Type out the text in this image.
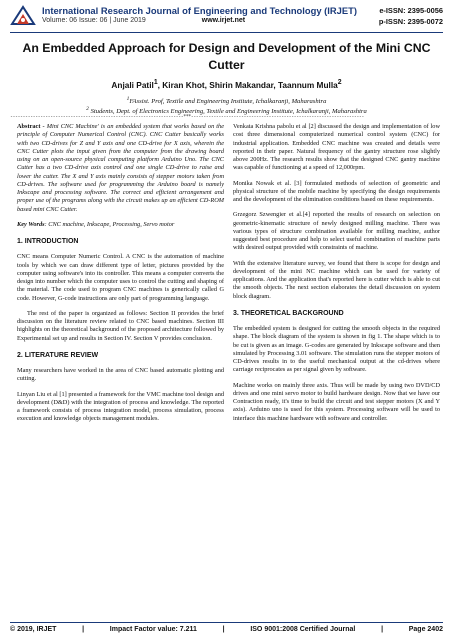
International Research Journal of Engineering and Technology (IRJET)
Volume: 06 Issue: 06 | June 2019	www.irjet.net
e-ISSN: 2395-0056
p-ISSN: 2395-0072
An Embedded Approach for Design and Development of the Mini CNC Cutter
Anjali Patil$^1$, Kiran Khot, Shirin Makandar, Taannum Mulla$^2$
$^1$FAssist. Prof, Textile and Engineering Institute, Ichalkaranji, Maharashtra
$^2$ Students, Dept. of Electronics Engineering, Textile and Engineering Institute, Ichalkaranji, Maharashtra
---------------------------------------------------------------------***---------------------------------------------------------------------

Abstract - Mini CNC Machine' is an embedded system that works based on the principle of Computer Numerical Control (CNC). CNC Cutter basically works with two CD-drives for Z and Y axis and one CD-drive for X axis, wherein the CNC Cutter plots the input given from the computer from the drawing board using on an open-source physical computing platform Arduino Uno. The CNC Cutter has a two CD-drive axis control and one single CD-drive to raise and lower the cutter. The X and Y axis mainly consists of stepper motors taken from CD-drives. The software used for programming the Arduino board is namely Inkscape and processing software. The correct and efficient arrangement and proper use of the programs along with the circuit makes up an efficient CD-ROM based mini CNC Cutter.

Key Words: CNC machine, Inkscape, Processing, Servo motor

1. INTRODUCTION

CNC means Computer Numeric Control. A CNC is the automation of machine tools by which we can draw different type of letter, pictures provided by the computer using software's into its controller. This means a computer converts the design into number which the computer uses to control the cutting and shaping of the material. The code used to program CNC machines is generically called G code. However, G-code instructions are only part of programming language.

The rest of the paper is organized as follows: Section II provides the brief discussion on the literature review related to CNC based machines. Section III highlights on the theoretical background of the proposed architecture followed by Experimental set up and results in Section IV. Section V provides conclusion.

2. LITERATURE REVIEW

Many researchers have worked in the area of CNC based automatic plotting and cutting.

Linyan Liu et al [1] presented a framework for the VMC machine tool design and development (D&D) with the integration of process and knowledge. The reported a framework consists of process integration model, process simulation, process execution and knowledge objects management modules.

Venkata Krishna pabolu et al [2] discussed the design and implementation of low cost three dimensional computerized numerical control system (CNC) for industrial application. Embedded CNC machine was created and details were reported in their paper. Natural frequency of the gantry structure rose slightly above 200Hz. The research results show that the designed CNC gantry machine was capable of functioning at a speed of 12,000rpm.

Monika Nowak et al. [3] formulated methods of selection of geometric and physical structure of the mobile machine by specifying the design requirements and the development of the elimination conditions based on these requirements.

Grzegorz Szwengier et al.[4] reported the results of research on selection on geometric-kinematic structure of newly designed milling machine. There was various types of structure combination available for milling machine, author suggested best procedure and help to select useful combination of machine parts with desired output provided with constraints of machine.

With the extensive literature survey, we found that there is scope for design and development of the mini NC machine which can be used for variety of applications. And the application that's reported here is cutter which is able to cut the smooth objects. The next section elaborates the detail discussion on system block diagram.

3. THEORETICAL BACKGROUND

The embedded system is designed for cutting the smooth objects in the required shape. The block diagram of the system is shown in fig 1. The shape which is to be cut is given as an image. G-codes are generated by Inkscape software and then simulated by Processing 3.01 software. The simulation runs the stepper motors of CD-drives results in to the useful mechanical output at the cd-drives where carriage reciprocates as per signal given by software.

Machine works on mainly three axis. Thus will be made by using two DVD/CD drives and one mini servo motor to build hardware design. Now that we have our Contraction ready, it's time to build the circuit and test stepper motors (X and Y axis). Arduino uno is used for this system. Processing software will be used to interface this machine hardware with software and controller.

© 2019, IRJET	|	Impact Factor value: 7.211	|	ISO 9001:2008 Certified Journal	|	Page 2402
